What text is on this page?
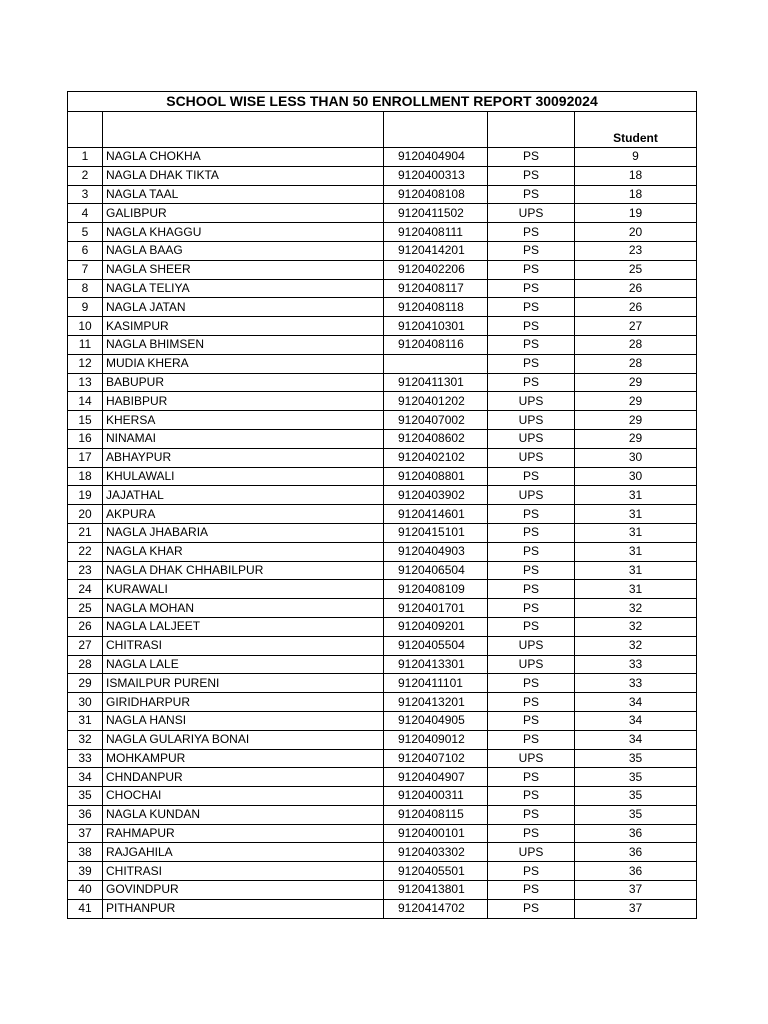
SCHOOL WISE LESS THAN 50 ENROLLMENT REPORT 30092024				
				Student
1	NAGLA CHOKHA	9120404904	PS	9
2	NAGLA DHAK TIKTA	9120400313	PS	18
3	NAGLA TAAL	9120408108	PS	18
4	GALIBPUR	9120411502	UPS	19
5	NAGLA KHAGGU	9120408111	PS	20
6	NAGLA BAAG	9120414201	PS	23
7	NAGLA SHEER	9120402206	PS	25
8	NAGLA TELIYA	9120408117	PS	26
9	NAGLA JATAN	9120408118	PS	26
10	KASIMPUR	9120410301	PS	27
11	NAGLA BHIMSEN	9120408116	PS	28
12	MUDIA KHERA		PS	28
13	BABUPUR	9120411301	PS	29
14	HABIBPUR	9120401202	UPS	29
15	KHERSA	9120407002	UPS	29
16	NINAMAI	9120408602	UPS	29
17	ABHAYPUR	9120402102	UPS	30
18	KHULAWALI	9120408801	PS	30
19	JAJATHAL	9120403902	UPS	31
20	AKPURA	9120414601	PS	31
21	NAGLA JHABARIA	9120415101	PS	31
22	NAGLA KHAR	9120404903	PS	31
23	NAGLA DHAK CHHABILPUR	9120406504	PS	31
24	KURAWALI	9120408109	PS	31
25	NAGLA MOHAN	9120401701	PS	32
26	NAGLA LALJEET	9120409201	PS	32
27	CHITRASI	9120405504	UPS	32
28	NAGLA LALE	9120413301	UPS	33
29	ISMAILPUR PURENI	9120411101	PS	33
30	GIRIDHARPUR	9120413201	PS	34
31	NAGLA HANSI	9120404905	PS	34
32	NAGLA GULARIYA BONAI	9120409012	PS	34
33	MOHKAMPUR	9120407102	UPS	35
34	CHNDANPUR	9120404907	PS	35
35	CHOCHAI	9120400311	PS	35
36	NAGLA KUNDAN	9120408115	PS	35
37	RAHMAPUR	9120400101	PS	36
38	RAJGAHILA	9120403302	UPS	36
39	CHITRASI	9120405501	PS	36
40	GOVINDPUR	9120413801	PS	37
41	PITHANPUR	9120414702	PS	37
